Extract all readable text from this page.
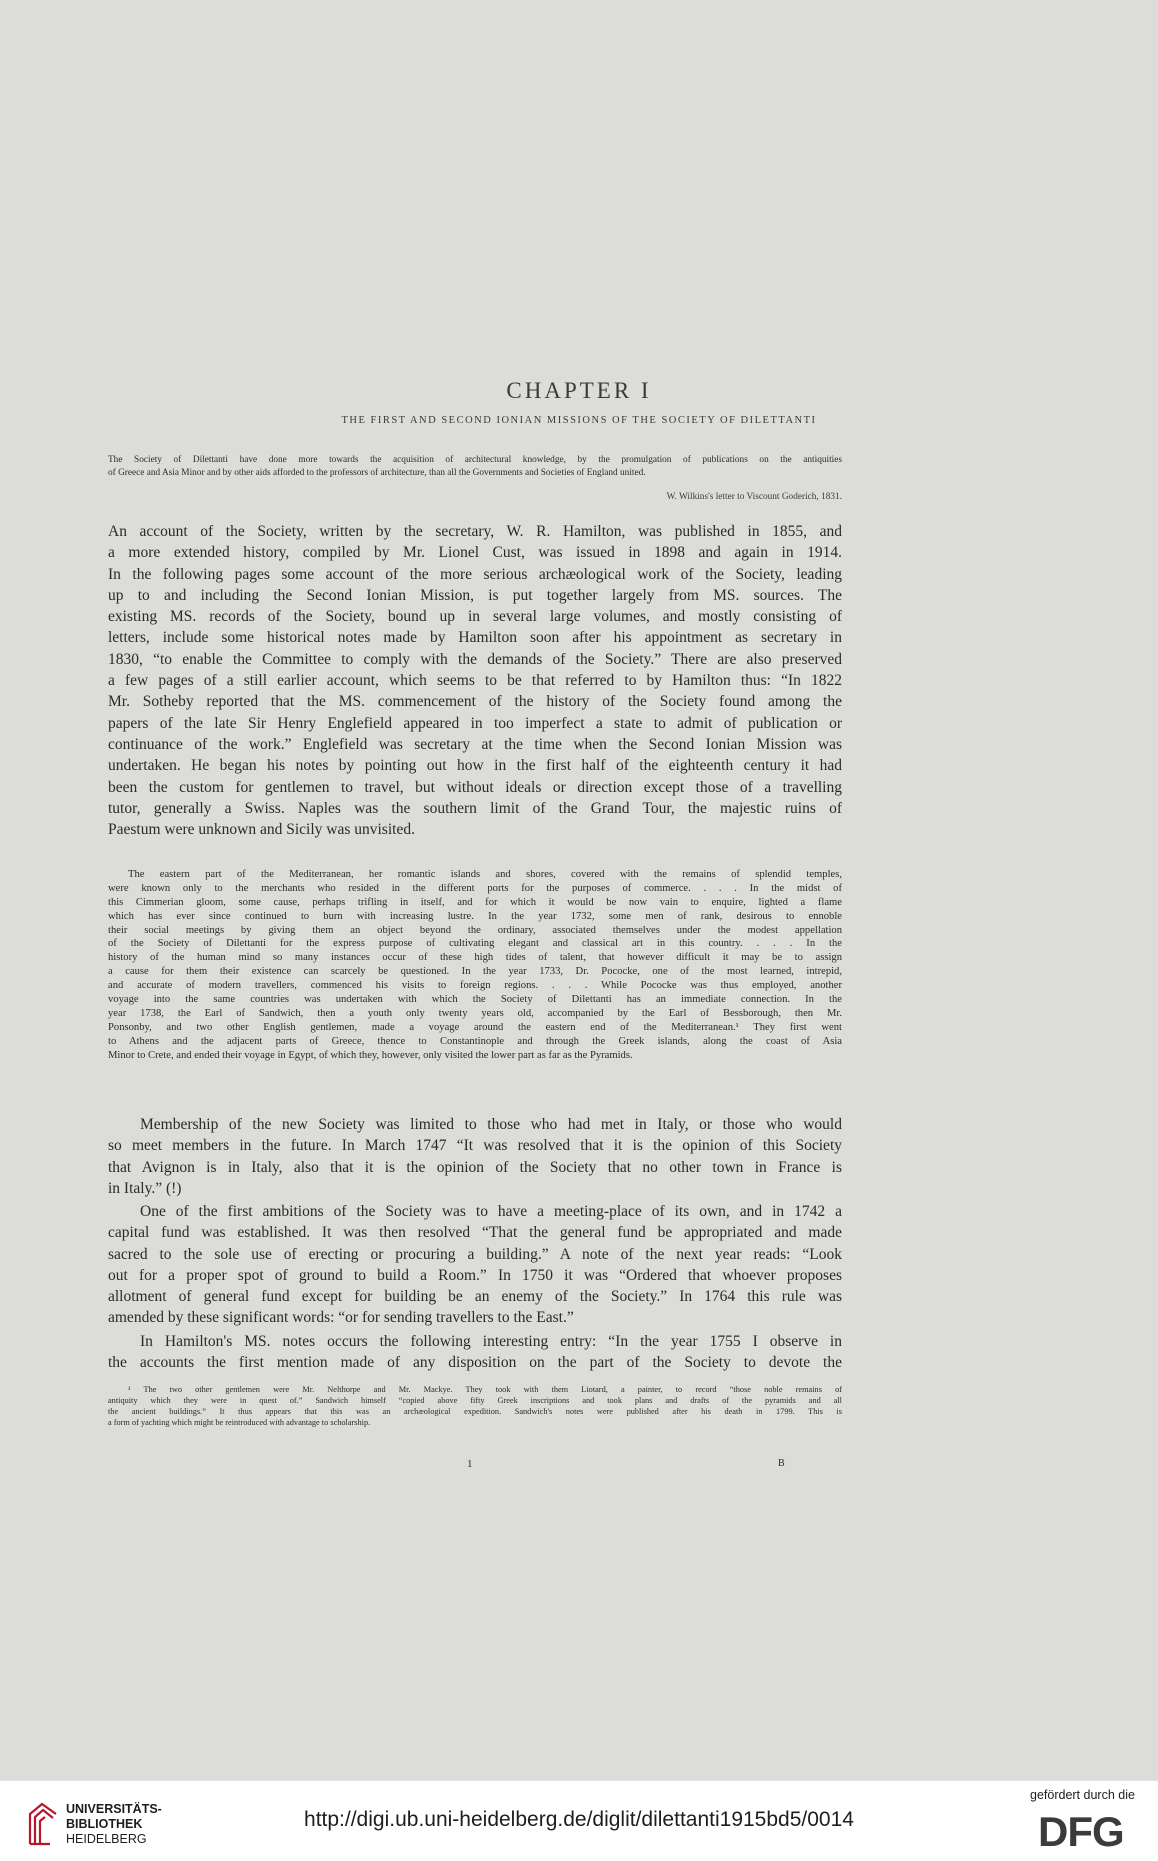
CHAPTER I
THE FIRST AND SECOND IONIAN MISSIONS OF THE SOCIETY OF DILETTANTI
The Society of Dilettanti have done more towards the acquisition of architectural knowledge, by the promulgation of publications on the antiquities
of Greece and Asia Minor and by other aids afforded to the professors of architecture, than all the Governments and Societies of England united.
W. Wilkins's letter to Viscount Goderich, 1831.
An account of the Society, written by the secretary, W. R. Hamilton, was published in 1855, and
a more extended history, compiled by Mr. Lionel Cust, was issued in 1898 and again in 1914.
In the following pages some account of the more serious archæological work of the Society, leading
up to and including the Second Ionian Mission, is put together largely from MS. sources. The
existing MS. records of the Society, bound up in several large volumes, and mostly consisting of
letters, include some historical notes made by Hamilton soon after his appointment as secretary in
1830, “to enable the Committee to comply with the demands of the Society.” There are also preserved
a few pages of a still earlier account, which seems to be that referred to by Hamilton thus: “In 1822
Mr. Sotheby reported that the MS. commencement of the history of the Society found among the
papers of the late Sir Henry Englefield appeared in too imperfect a state to admit of publication or
continuance of the work.” Englefield was secretary at the time when the Second Ionian Mission was
undertaken. He began his notes by pointing out how in the first half of the eighteenth century it had
been the custom for gentlemen to travel, but without ideals or direction except those of a travelling
tutor, generally a Swiss. Naples was the southern limit of the Grand Tour, the majestic ruins of
Paestum were unknown and Sicily was unvisited.
The eastern part of the Mediterranean, her romantic islands and shores, covered with the remains of splendid temples,
were known only to the merchants who resided in the different ports for the purposes of commerce. . . . In the midst of
this Cimmerian gloom, some cause, perhaps trifling in itself, and for which it would be now vain to enquire, lighted a flame
which has ever since continued to burn with increasing lustre. In the year 1732, some men of rank, desirous to ennoble
their social meetings by giving them an object beyond the ordinary, associated themselves under the modest appellation
of the Society of Dilettanti for the express purpose of cultivating elegant and classical art in this country. . . . In the
history of the human mind so many instances occur of these high tides of talent, that however difficult it may be to assign
a cause for them their existence can scarcely be questioned. In the year 1733, Dr. Pococke, one of the most learned, intrepid,
and accurate of modern travellers, commenced his visits to foreign regions. . . . While Pococke was thus employed, another
voyage into the same countries was undertaken with which the Society of Dilettanti has an immediate connection. In the
year 1738, the Earl of Sandwich, then a youth only twenty years old, accompanied by the Earl of Bessborough, then Mr.
Ponsonby, and two other English gentlemen, made a voyage around the eastern end of the Mediterranean.¹ They first went
to Athens and the adjacent parts of Greece, thence to Constantinople and through the Greek islands, along the coast of Asia
Minor to Crete, and ended their voyage in Egypt, of which they, however, only visited the lower part as far as the Pyramids.
Membership of the new Society was limited to those who had met in Italy, or those who would
so meet members in the future. In March 1747 “It was resolved that it is the opinion of this Society
that Avignon is in Italy, also that it is the opinion of the Society that no other town in France is
in Italy.” (!)
One of the first ambitions of the Society was to have a meeting-place of its own, and in 1742 a
capital fund was established. It was then resolved “That the general fund be appropriated and made
sacred to the sole use of erecting or procuring a building.” A note of the next year reads: “Look
out for a proper spot of ground to build a Room.” In 1750 it was “Ordered that whoever proposes
allotment of general fund except for building be an enemy of the Society.” In 1764 this rule was
amended by these significant words: “or for sending travellers to the East.”
In Hamilton's MS. notes occurs the following interesting entry: “In the year 1755 I observe in
the accounts the first mention made of any disposition on the part of the Society to devote the
¹ The two other gentlemen were Mr. Nelthorpe and Mr. Mackye. They took with them Liotard, a painter, to record “those noble remains of
antiquity which they were in quest of.” Sandwich himself “copied above fifty Greek inscriptions and took plans and drafts of the pyramids and all
the ancient buildings.” It thus appears that this was an archæological expedition. Sandwich's notes were published after his death in 1799. This is
a form of yachting which might be reintroduced with advantage to scholarship.
1	B
UNIVERSITÄTS-
BIBLIOTHEK
HEIDELBERG
http://digi.ub.uni-heidelberg.de/diglit/dilettanti1915bd5/0014
gefördert durch die
DFG
